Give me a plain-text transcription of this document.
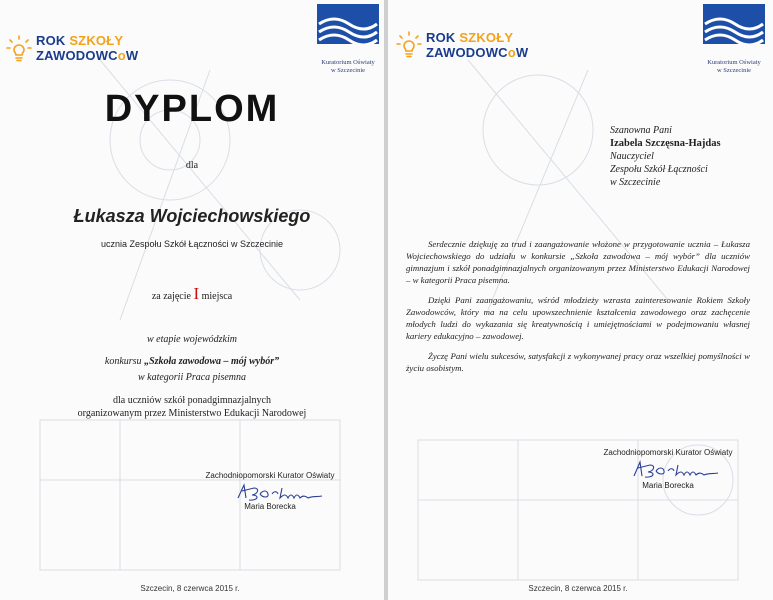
ROK SZKOŁY
ZAWODOWCoW	Kuratorium Oświaty
w Szczecinie
DYPLOM
dla
Łukasza Wojciechowskiego
ucznia Zespołu Szkół Łączności w Szczecinie
za zajęcie I miejsca
w etapie wojewódzkim
konkursu „Szkoła zawodowa – mój wybór”
w kategorii Praca pisemna
dla uczniów szkół ponadgimnazjalnych
organizowanym przez Ministerstwo Edukacji Narodowej
Zachodniopomorski Kurator Oświaty
Maria Borecka
Szczecin, 8 czerwca 2015 r.
ROK SZKOŁY
ZAWODOWCoW
Kuratorium Oświaty
w Szczecinie
Szanowna Pani
Izabela Szczęsna-Hajdas
Nauczyciel
Zespołu Szkół Łączności
w Szczecinie

Serdecznie dziękuję za trud i zaangażowanie włożone w przygotowanie ucznia – Łukasza Wojciechowskiego do udziału w konkursie „Szkoła zawodowa – mój wybór” dla uczniów gimnazjum i szkół ponadgimnazjalnych organizowanym przez Ministerstwo Edukacji Narodowej – w kategorii Praca pisemna.

Dzięki Pani zaangażowaniu, wśród młodzieży wzrasta zainteresowanie Rokiem Szkoły Zawodowców, który ma na celu upowszechnienie kształcenia zawodowego oraz zachęcenie młodych ludzi do wykazania się kreatywnością i umiejętnościami w podejmowaniu własnej kariery edukacyjno – zawodowej.

Życzę Pani wielu sukcesów, satysfakcji z wykonywanej pracy oraz wszelkiej pomyślności w życiu osobistym.

Zachodniopomorski Kurator Oświaty
Maria Borecka
Szczecin, 8 czerwca 2015 r.
